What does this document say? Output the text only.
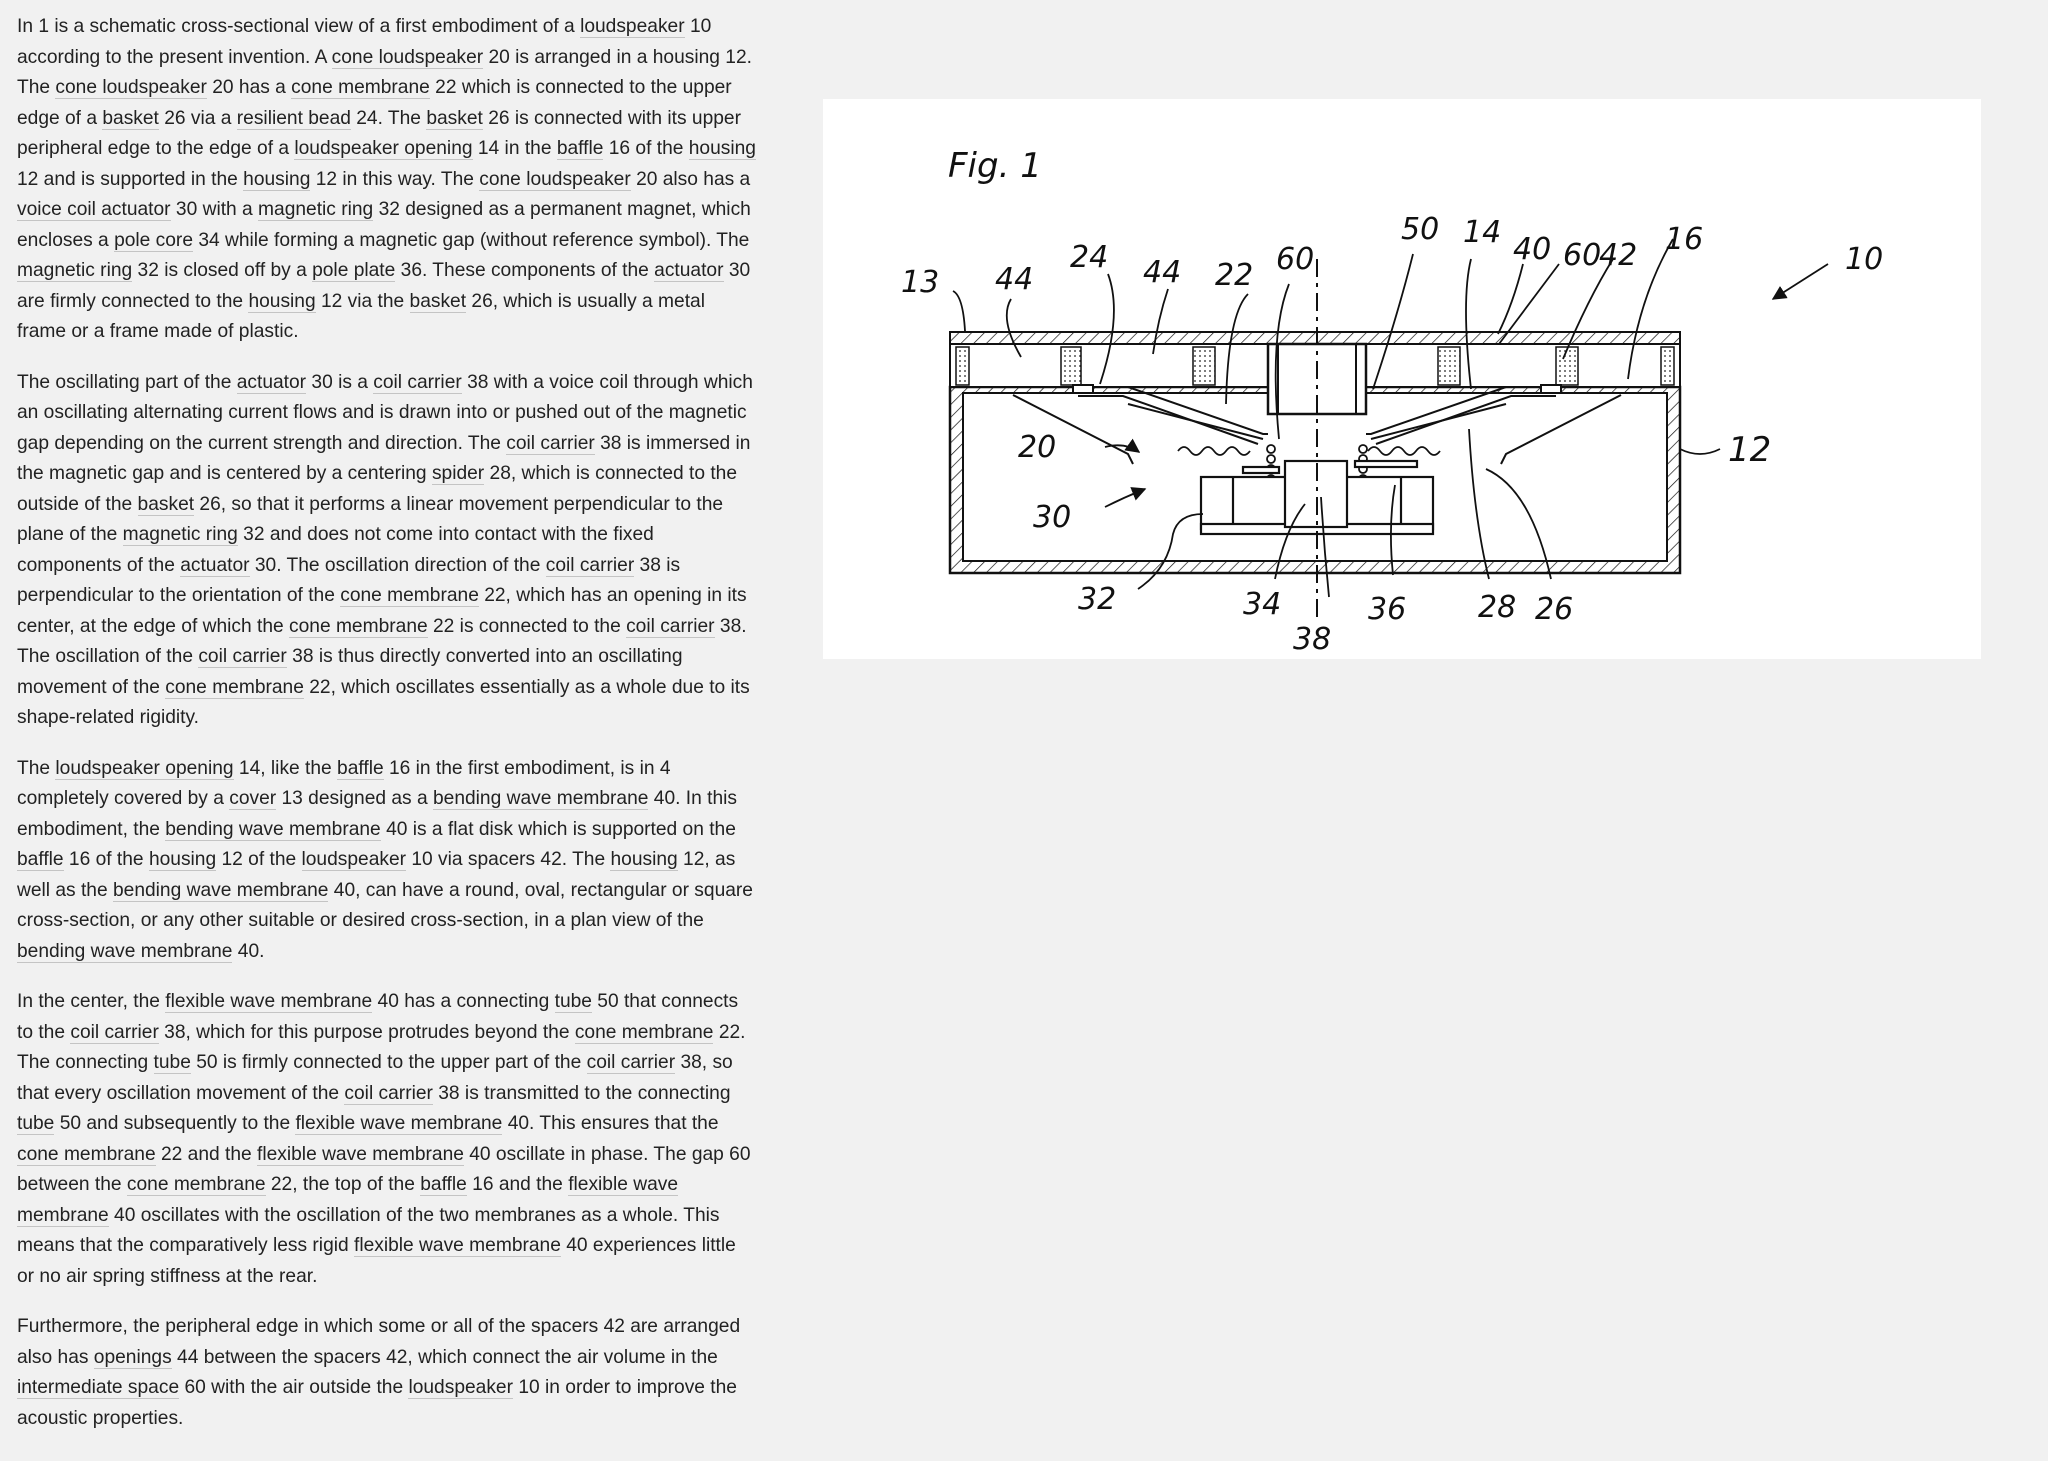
In 1 is a schematic cross-sectional view of a first embodiment of a loudspeaker 10 according to the present invention. A cone loudspeaker 20 is arranged in a housing 12. The cone loudspeaker 20 has a cone membrane 22 which is connected to the upper edge of a basket 26 via a resilient bead 24. The basket 26 is connected with its upper peripheral edge to the edge of a loudspeaker opening 14 in the baffle 16 of the housing 12 and is supported in the housing 12 in this way. The cone loudspeaker 20 also has a voice coil actuator 30 with a magnetic ring 32 designed as a permanent magnet, which encloses a pole core 34 while forming a magnetic gap (without reference symbol). The magnetic ring 32 is closed off by a pole plate 36. These components of the actuator 30 are firmly connected to the housing 12 via the basket 26, which is usually a metal frame or a frame made of plastic.

The oscillating part of the actuator 30 is a coil carrier 38 with a voice coil through which an oscillating alternating current flows and is drawn into or pushed out of the magnetic gap depending on the current strength and direction. The coil carrier 38 is immersed in the magnetic gap and is centered by a centering spider 28, which is connected to the outside of the basket 26, so that it performs a linear movement perpendicular to the plane of the magnetic ring 32 and does not come into contact with the fixed components of the actuator 30. The oscillation direction of the coil carrier 38 is perpendicular to the orientation of the cone membrane 22, which has an opening in its center, at the edge of which the cone membrane 22 is connected to the coil carrier 38. The oscillation of the coil carrier 38 is thus directly converted into an oscillating movement of the cone membrane 22, which oscillates essentially as a whole due to its shape-related rigidity.

The loudspeaker opening 14, like the baffle 16 in the first embodiment, is in 4 completely covered by a cover 13 designed as a bending wave membrane 40. In this embodiment, the bending wave membrane 40 is a flat disk which is supported on the baffle 16 of the housing 12 of the loudspeaker 10 via spacers 42. The housing 12, as well as the bending wave membrane 40, can have a round, oval, rectangular or square cross-section, or any other suitable or desired cross-section, in a plan view of the bending wave membrane 40.

In the center, the flexible wave membrane 40 has a connecting tube 50 that connects to the coil carrier 38, which for this purpose protrudes beyond the cone membrane 22. The connecting tube 50 is firmly connected to the upper part of the coil carrier 38, so that every oscillation movement of the coil carrier 38 is transmitted to the connecting tube 50 and subsequently to the flexible wave membrane 40. This ensures that the cone membrane 22 and the flexible wave membrane 40 oscillate in phase. The gap 60 between the cone membrane 22, the top of the baffle 16 and the flexible wave membrane 40 oscillates with the oscillation of the two membranes as a whole. This means that the comparatively less rigid flexible wave membrane 40 experiences little or no air spring stiffness at the rear.

Furthermore, the peripheral edge in which some or all of the spacers 42 are arranged also has openings 44 between the spacers 42, which connect the air volume in the intermediate space 60 with the air outside the loudspeaker 10 in order to improve the acoustic properties.

Fig. 1
13 44
24 44 22 60
50 14 40 60
42 16
10
12
20
30
32	34
38
36 28 26
